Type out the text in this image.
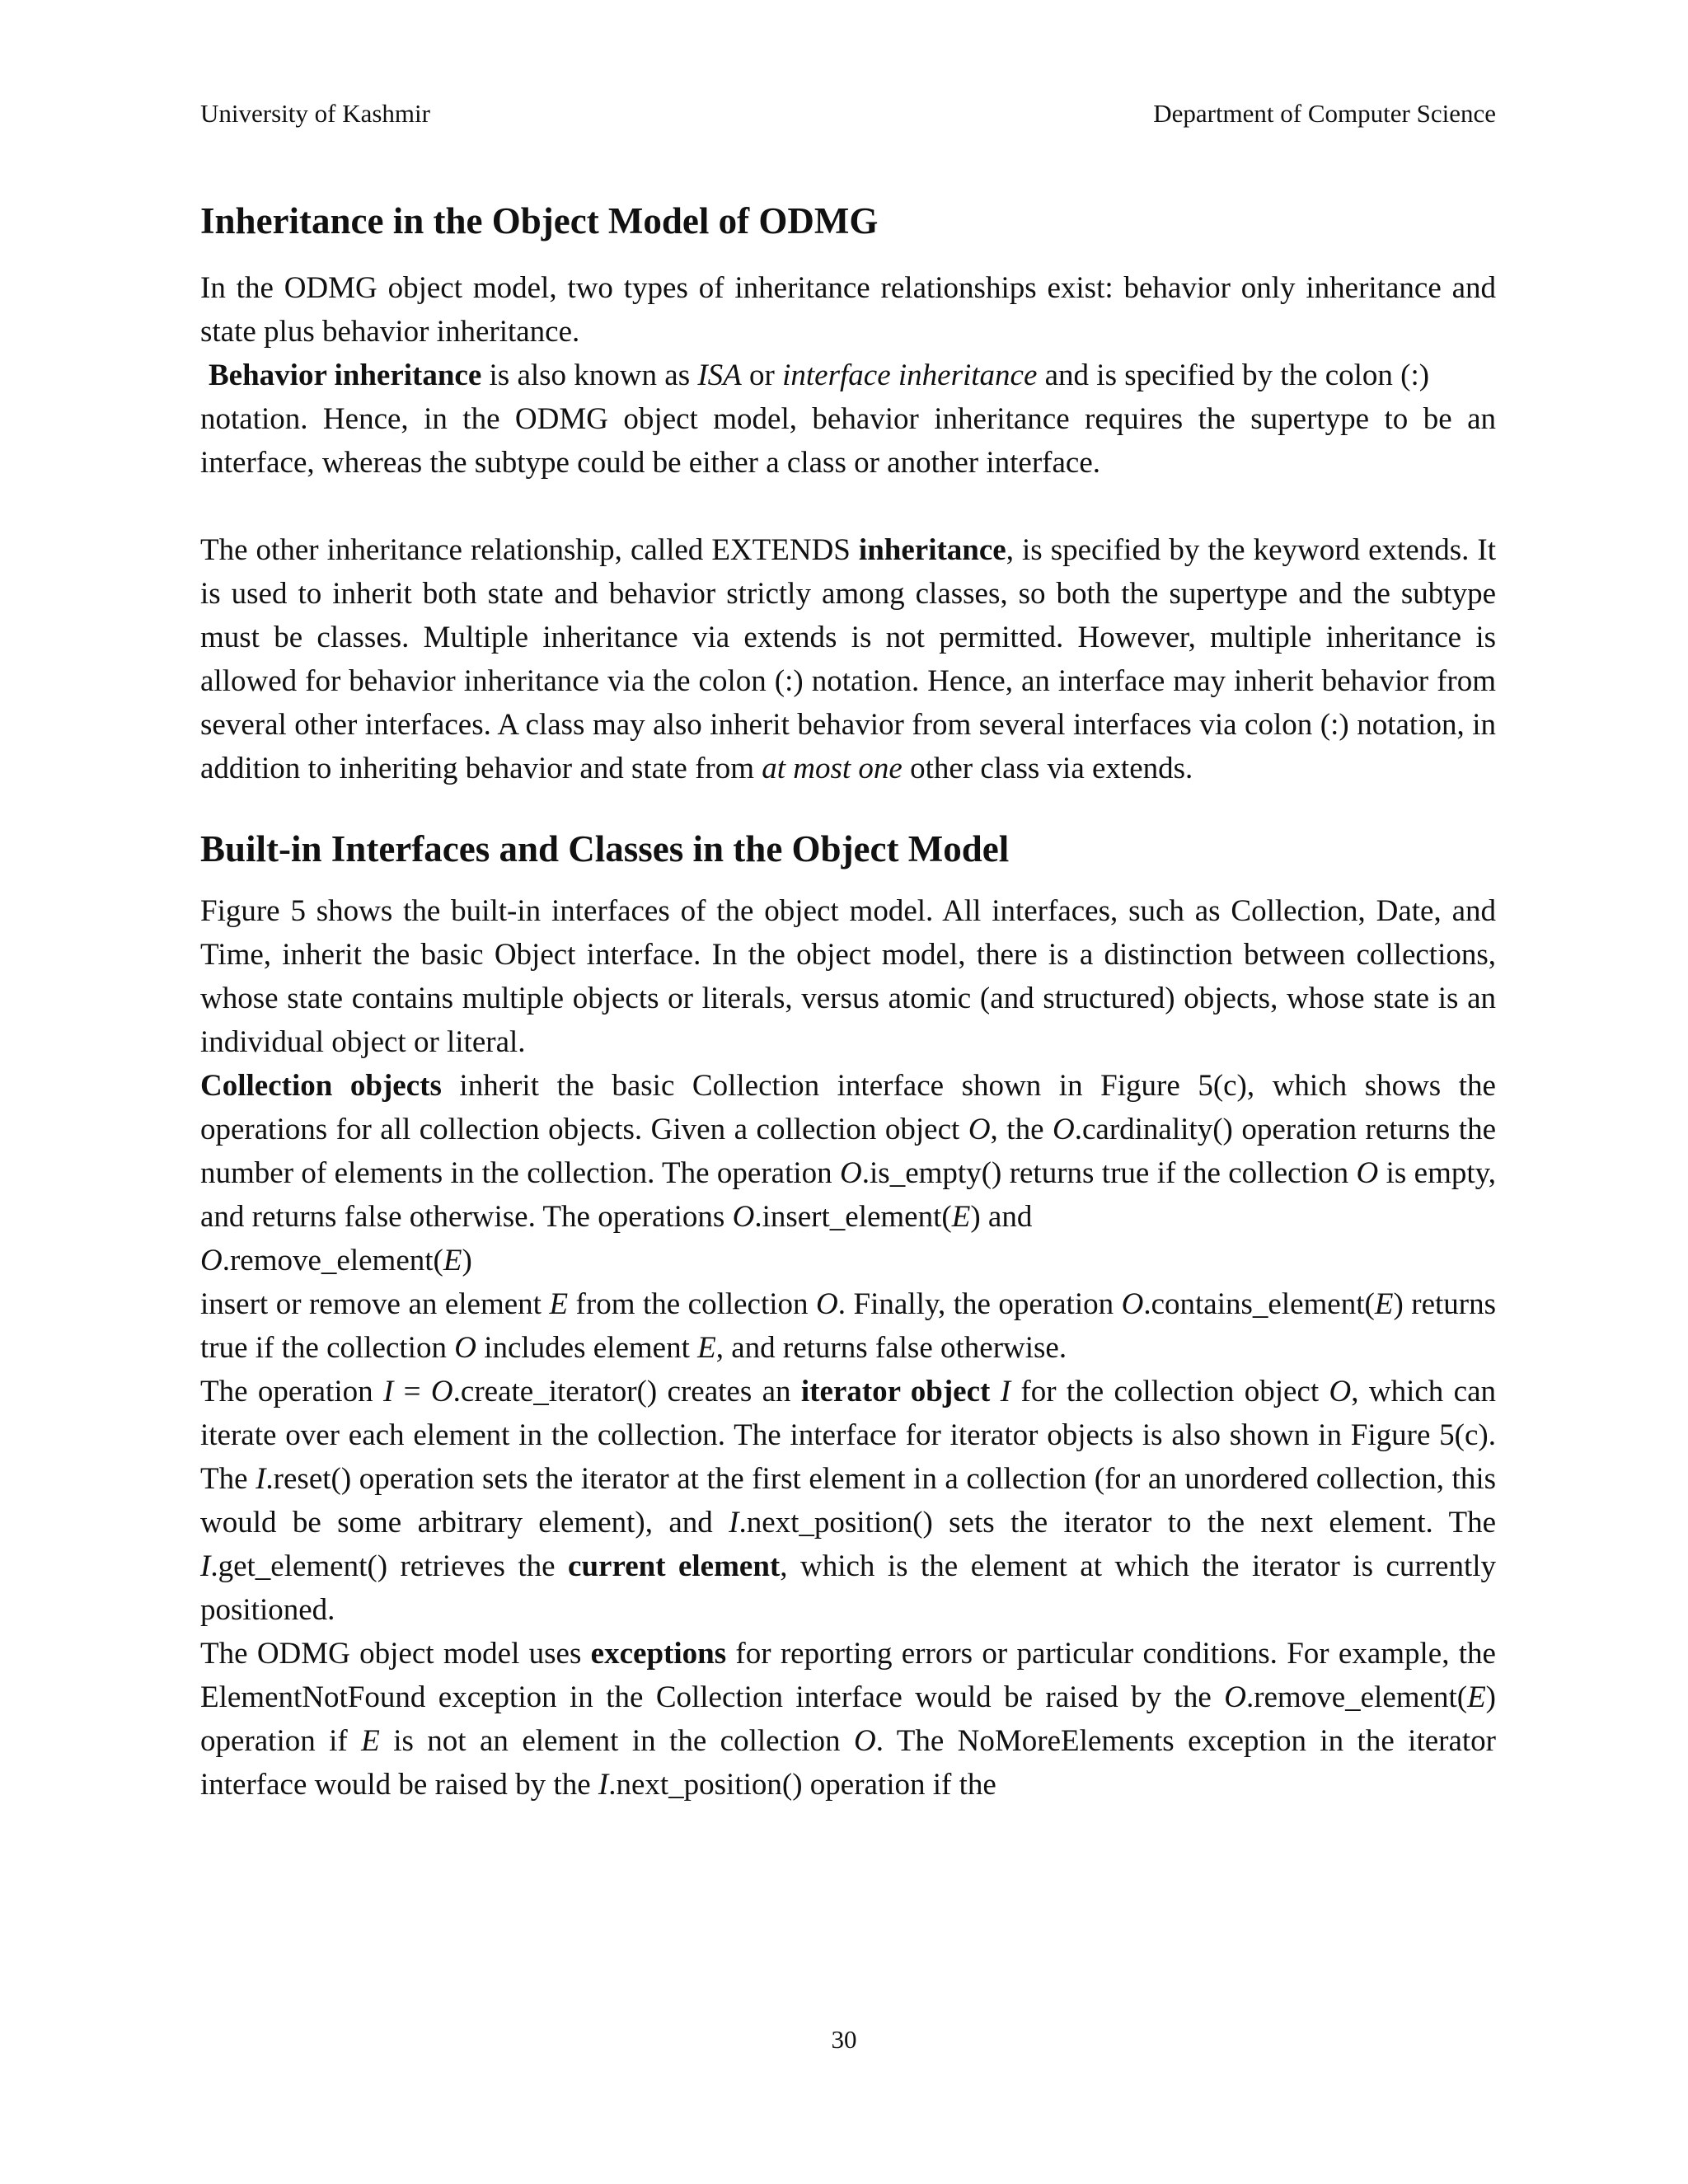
University of Kashmir	Department of Computer Science
Inheritance in the Object Model of ODMG

In the ODMG object model, two types of inheritance relationships exist: behavior only inheritance and state plus behavior inheritance.

Behavior inheritance is also known as ISA or interface inheritance and is specified by the colon (:)

notation. Hence, in the ODMG object model, behavior inheritance requires the supertype to be an interface, whereas the subtype could be either a class or another interface.

The other inheritance relationship, called EXTENDS inheritance, is specified by the keyword extends. It is used to inherit both state and behavior strictly among classes, so both the supertype and the subtype must be classes. Multiple inheritance via extends is not permitted. However, multiple inheritance is allowed for behavior inheritance via the colon (:) notation. Hence, an interface may inherit behavior from several other interfaces. A class may also inherit behavior from several interfaces via colon (:) notation, in addition to inheriting behavior and state from at most one other class via extends.

Built-in Interfaces and Classes in the Object Model

Figure 5 shows the built-in interfaces of the object model. All interfaces, such as Collection, Date, and Time, inherit the basic Object interface. In the object model, there is a distinction between collections, whose state contains multiple objects or literals, versus atomic (and structured) objects, whose state is an individual object or literal.

Collection objects inherit the basic Collection interface shown in Figure 5(c), which shows the operations for all collection objects. Given a collection object O, the O.cardinality() operation returns the number of elements in the collection. The operation O.is_empty() returns true if the collection O is empty, and returns false otherwise. The operations O.insert_element(E) and

O.remove_element(E)

insert or remove an element E from the collection O. Finally, the operation O.contains_element(E) returns true if the collection O includes element E, and returns false otherwise.

The operation I = O.create_iterator() creates an iterator object I for the collection object O, which can iterate over each element in the collection. The interface for iterator objects is also shown in Figure 5(c). The I.reset() operation sets the iterator at the first element in a collection (for an unordered collection, this would be some arbitrary element), and I.next_position() sets the iterator to the next element. The I.get_element() retrieves the current element, which is the element at which the iterator is currently positioned.

The ODMG object model uses exceptions for reporting errors or particular conditions. For example, the ElementNotFound exception in the Collection interface would be raised by the O.remove_element(E) operation if E is not an element in the collection O. The NoMoreElements exception in the iterator interface would be raised by the I.next_position() operation if the

30
